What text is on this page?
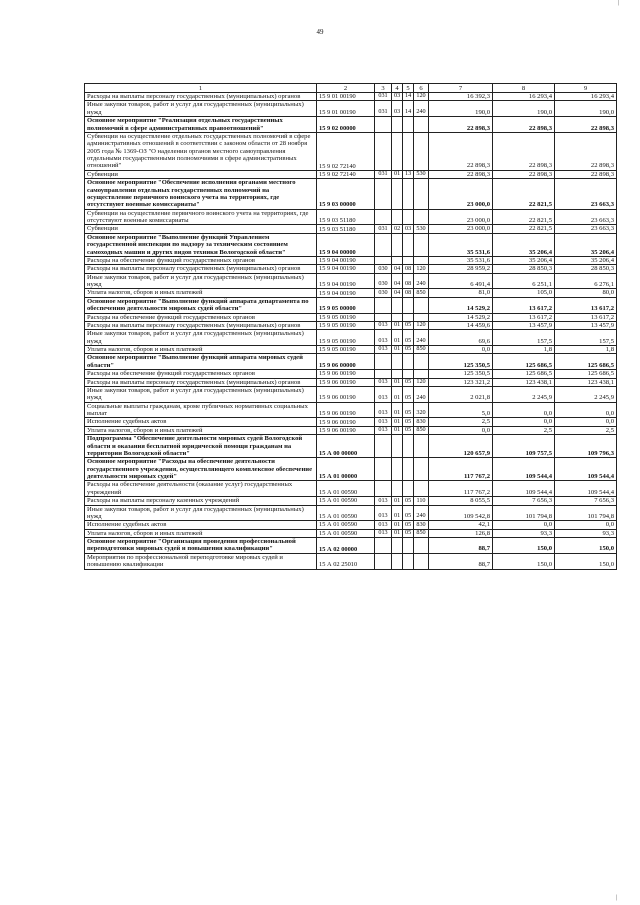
49
|
|
1	2	3	4	5	6	7	8	9
Расходы на выплаты персоналу государственных (муниципальных) органов	15 9 01 00190	031	03	14	120	16 392,3	16 293,4	16 293,4
Иные закупки товаров, работ и услуг для государственных (муниципальных) нужд	15 9 01 00190	031	03	14	240	190,0	190,0	190,0
Основное мероприятие "Реализация отдельных государственных полномочий в сфере административных правоотношений"	15 9 02 00000					22 898,3	22 898,3	22 898,3
Субвенции на осуществление отдельных государственных полномочий в сфере административных отношений в соответствии с законом области от 28 ноября 2005 года № 1369-ОЗ "О наделении органов местного самоуправления отдельными государственными полномочиями в сфере административных отношений"	15 9 02 72140					22 898,3	22 898,3	22 898,3
Субвенции	15 9 02 72140	031	01	13	530	22 898,3	22 898,3	22 898,3
Основное мероприятие "Обеспечение исполнения органами местного самоуправления отдельных государственных полномочий на осуществление первичного воинского учета на территориях, где отсутствуют военные комиссариаты"	15 9 03 00000					23 000,0	22 821,5	23 663,3
Субвенции на осуществление первичного воинского учета на территориях, где отсутствуют военные комиссариаты	15 9 03 51180					23 000,0	22 821,5	23 663,3
Субвенции	15 9 03 51180	031	02	03	530	23 000,0	22 821,5	23 663,3
Основное мероприятие "Выполнение функций Управлением государственной инспекции по надзору за техническим состоянием самоходных машин и других видов техники Вологодской области"	15 9 04 00000					35 531,6	35 206,4	35 206,4
Расходы на обеспечение функций государственных органов	15 9 04 00190					35 531,6	35 206,4	35 206,4
Расходы на выплаты персоналу государственных (муниципальных) органов	15 9 04 00190	030	04	08	120	28 959,2	28 850,3	28 850,3
Иные закупки товаров, работ и услуг для государственных (муниципальных) нужд	15 9 04 00190	030	04	08	240	6 491,4	6 251,1	6 276,1
Уплата налогов, сборов и иных платежей	15 9 04 00190	030	04	08	850	81,0	105,0	80,0
Основное мероприятие "Выполнение функций аппарата департамента по обеспечению деятельности мировых судей области"	15 9 05 00000					14 529,2	13 617,2	13 617,2
Расходы на обеспечение функций государственных органов	15 9 05 00190					14 529,2	13 617,2	13 617,2
Расходы на выплаты персоналу государственных (муниципальных) органов	15 9 05 00190	013	01	05	120	14 459,6	13 457,9	13 457,9
Иные закупки товаров, работ и услуг для государственных (муниципальных) нужд	15 9 05 00190	013	01	05	240	69,6	157,5	157,5
Уплата налогов, сборов и иных платежей	15 9 05 00190	013	01	05	850	0,0	1,8	1,8
Основное мероприятие "Выполнение функций аппарата мировых судей области"	15 9 06 00000					125 350,5	125 686,5	125 686,5
Расходы на обеспечение функций государственных органов	15 9 06 00190					125 350,5	125 686,5	125 686,5
Расходы на выплаты персоналу государственных (муниципальных) органов	15 9 06 00190	013	01	05	120	123 321,2	123 438,1	123 438,1
Иные закупки товаров, работ и услуг для государственных (муниципальных) нужд	15 9 06 00190	013	01	05	240	2 021,8	2 245,9	2 245,9
Социальные выплаты гражданам, кроме публичных нормативных социальных выплат	15 9 06 00190	013	01	05	320	5,0	0,0	0,0
Исполнение судебных актов	15 9 06 00190	013	01	05	830	2,5	0,0	0,0
Уплата налогов, сборов и иных платежей	15 9 06 00190	013	01	05	850	0,0	2,5	2,5
Подпрограмма "Обеспечение деятельности мировых судей Вологодской области и оказания бесплатной юридической помощи гражданам на территории Вологодской области"	15 А 00 00000					120 657,9	109 757,5	109 796,3
Основное мероприятие "Расходы на обеспечение деятельности государственного учреждения, осуществляющего комплексное обеспечение деятельности мировых судей"	15 А 01 00000					117 767,2	109 544,4	109 544,4
Расходы на обеспечение деятельности (оказание услуг) государственных учреждений	15 А 01 00590					117 767,2	109 544,4	109 544,4
Расходы на выплаты персоналу казенных учреждений	15 А 01 00590	013	01	05	110	8 055,5	7 656,3	7 656,3
Иные закупки товаров, работ и услуг для государственных (муниципальных) нужд	15 А 01 00590	013	01	05	240	109 542,8	101 794,8	101 794,8
Исполнение судебных актов	15 А 01 00590	013	01	05	830	42,1	0,0	0,0
Уплата налогов, сборов и иных платежей	15 А 01 00590	013	01	05	850	126,8	93,3	93,3
Основное мероприятие "Организация проведения профессиональной переподготовки мировых судей и повышения квалификации"	15 А 02 00000					88,7	150,0	150,0
Мероприятия по профессиональной переподготовке мировых судей и повышению квалификации	15 А 02 25010					88,7	150,0	150,0
